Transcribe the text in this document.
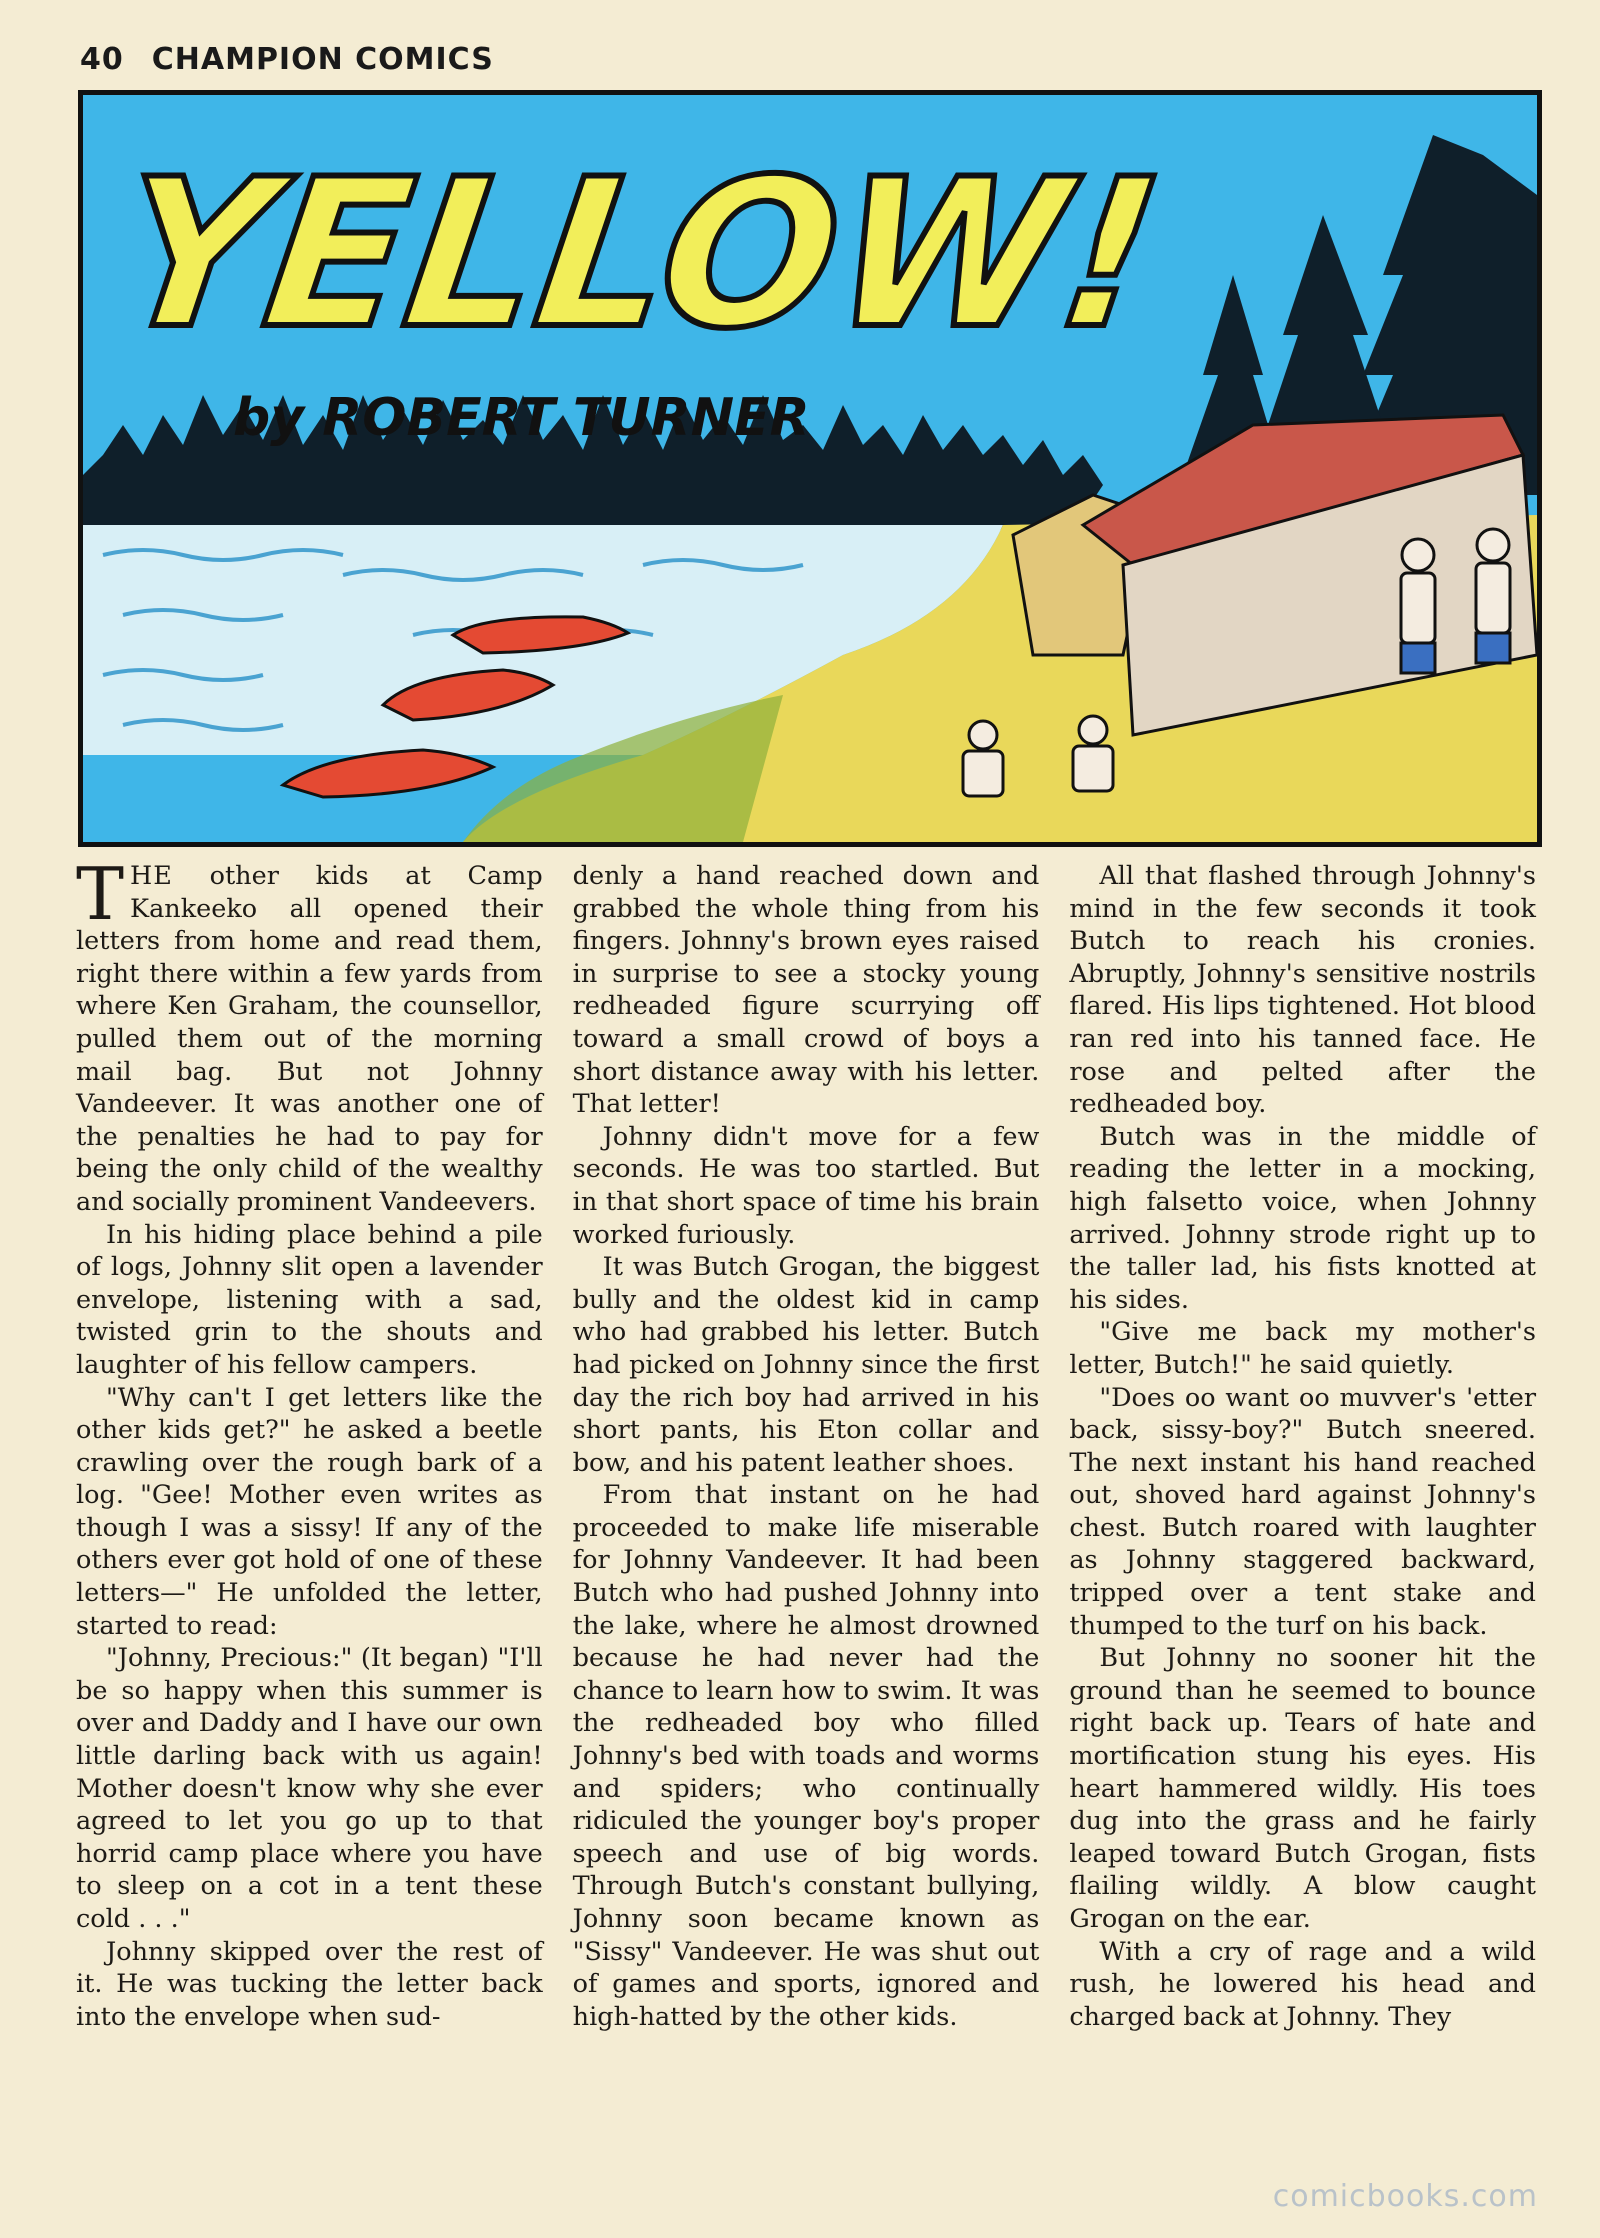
40 CHAMPION COMICS
YELLOW!
by ROBERT TURNER

THE other kids at Camp Kankeeko all opened their letters from home and read them, right there within a few yards from where Ken Graham, the counsellor, pulled them out of the morning mail bag. But not Johnny Vandeever. It was another one of the penalties he had to pay for being the only child of the wealthy and socially prominent Vandeevers.

In his hiding place behind a pile of logs, Johnny slit open a lavender envelope, listening with a sad, twisted grin to the shouts and laughter of his fellow campers.

"Why can't I get letters like the other kids get?" he asked a beetle crawling over the rough bark of a log. "Gee! Mother even writes as though I was a sissy! If any of the others ever got hold of one of these letters—" He unfolded the letter, started to read:

"Johnny, Precious:" (It began) "I'll be so happy when this summer is over and Daddy and I have our own little darling back with us again! Mother doesn't know why she ever agreed to let you go up to that horrid camp place where you have to sleep on a cot in a tent these cold . . ."

Johnny skipped over the rest of it. He was tucking the letter back into the envelope when sud-

denly a hand reached down and grabbed the whole thing from his fingers. Johnny's brown eyes raised in surprise to see a stocky young redheaded figure scurrying off toward a small crowd of boys a short distance away with his letter. That letter!

Johnny didn't move for a few seconds. He was too startled. But in that short space of time his brain worked furiously.

It was Butch Grogan, the biggest bully and the oldest kid in camp who had grabbed his letter. Butch had picked on Johnny since the first day the rich boy had arrived in his short pants, his Eton collar and bow, and his patent leather shoes.

From that instant on he had proceeded to make life miserable for Johnny Vandeever. It had been Butch who had pushed Johnny into the lake, where he almost drowned because he had never had the chance to learn how to swim. It was the redheaded boy who filled Johnny's bed with toads and worms and spiders; who continually ridiculed the younger boy's proper speech and use of big words. Through Butch's constant bullying, Johnny soon became known as "Sissy" Vandeever. He was shut out of games and sports, ignored and high-hatted by the other kids.

All that flashed through Johnny's mind in the few seconds it took Butch to reach his cronies. Abruptly, Johnny's sensitive nostrils flared. His lips tightened. Hot blood ran red into his tanned face. He rose and pelted after the redheaded boy.

Butch was in the middle of reading the letter in a mocking, high falsetto voice, when Johnny arrived. Johnny strode right up to the taller lad, his fists knotted at his sides.

"Give me back my mother's letter, Butch!" he said quietly.

"Does oo want oo muvver's 'etter back, sissy-boy?" Butch sneered. The next instant his hand reached out, shoved hard against Johnny's chest. Butch roared with laughter as Johnny staggered backward, tripped over a tent stake and thumped to the turf on his back.

But Johnny no sooner hit the ground than he seemed to bounce right back up. Tears of hate and mortification stung his eyes. His heart hammered wildly. His toes dug into the grass and he fairly leaped toward Butch Grogan, fists flailing wildly. A blow caught Grogan on the ear.

With a cry of rage and a wild rush, he lowered his head and charged back at Johnny. They

comicbooks.com
